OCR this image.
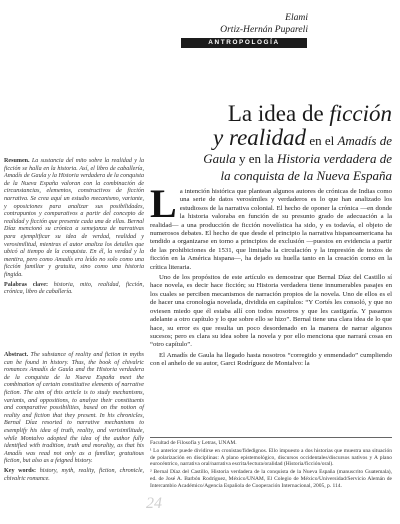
Elami
Ortiz-Hernán Pupareli
ANTROPOLOGÍA
La idea de ficción
y realidad en el Amadís de
Gaula y en la Historia verdadera de
la conquista de la Nueva España
Resumen. La sustancia del mito sobre la realidad y la ficción se halla en la historia. Así, el libro de caballería, Amadís de Gaula y la Historia verdadera de la conquista de la Nueva España valoran con la combinación de circunstancias, elementos, constructivos de ficción narrativa. Se crea aquí un estudio mecanismo, variante, y oposiciones para analizar sus posibilidades, contrapuntos y comparativos a partir del concepto de realidad y ficción que presente cada una de ellas. Bernal Díaz mencionó su crónica a semejanza de narrativas para ejemplificar su idea de verdad, realidad y verosimilitud, mientras el autor analiza los detalles que ubicó al tiempo de la conquista. En él, la verdad y la mentira, pero como Amadís era leído no solo como una ficción familiar y gratuita, sino como una historia fingida.
Palabras clave: historia, mito, realidad, ficción, crónica, libro de caballería.
Abstract. The substance of reality and fiction in myths can be found in history. Thus, the book of chivalric romances Amadís de Gaula and the Historia verdadera de la conquista de la Nueva España meet the combination of certain constitutive elements of narrative fiction. The aim of this article is to study mechanisms, variants, and oppositions, to analyze their constituents and comparative possibilities, based on the notion of reality and fiction that they present. In his chronicles, Bernal Díaz resorted to narrative mechanisms to exemplify his idea of truth, reality, and verisimilitude, while Montalvo adopted the idea of the author fully identified with tradition, truth and morality, as that his Amadís was read not only as a familiar, gratuitous fiction, but also as a feigned history.
Key words: history, myth, reality, fiction, chronicle, chivalric romance.

La intención histórica que plantean algunos autores de crónicas de Indias como una serie de datos verosímiles y verdaderos es lo que han analizado los estudiosos de la narrativa colonial. El hecho de oponer la crónica —en donde la historia valoraba en función de su presunto grado de adecuación a la realidad— a una producción de ficción novelística ha sido, y es todavía, el objeto de numerosos debates. El hecho de que desde el principio la narrativa hispanoamericana ha tendido a organizarse en torno a principios de exclusión —puestos en evidencia a partir de las prohibiciones de 1531, que limitaba la circulación y la impresión de textos de ficción en la América hispana—, ha dejado su huella tanto en la creación como en la crítica literaria.

Uno de los propósitos de este artículo es demostrar que Bernal Díaz del Castillo sí hace novela, es decir hace ficción; su Historia verdadera tiene innumerables pasajes en los cuales se perciben mecanismos de narración propios de la novela. Uno de ellos es el de hacer una cronología novelada, dividida en capítulos: “Y Cortés les consoló, y que no oviesen miedo que él estaba allí con todos nosotros y que les castigaría. Y pasamos adelante a otro capítulo y lo que sobre ello se hizo”. Bernal tiene una clara idea de lo que hace, su error es que resulta un poco desordenado en la manera de narrar algunos sucesos; pero es clara su idea sobre la novela y por ello menciona que narrará cosas en “otro capítulo”.

El Amadís de Gaula ha llegado hasta nosotros “corregido y enmendado” cumpliendo con el anhelo de su autor, Garci Rodríguez de Montalvo: la

Facultad de Filosofía y Letras, UNAM.

¹ Lo anterior puede dividirse en cronistas/fidedignos. Ello impuesto a dos historias que muestra una situación de polarización en disciplinas: A plano epistemológico, discursos occidentales/discursos nativos y A plano eurocéntrico, narrativa oral/narrativa escrita/lectura/oralidad (Historia/ficción/oral).

² Bernal Díaz del Castillo, Historia verdadera de la conquista de la Nueva España (manuscrito Guatemala), ed. de José A. Barbón Rodríguez, México/UNAM, El Colegio de México/Universidad/Servicio Alemán de Intercambio Académico/Agencia Española de Cooperación Internacional, 2005, p. 114.

24
